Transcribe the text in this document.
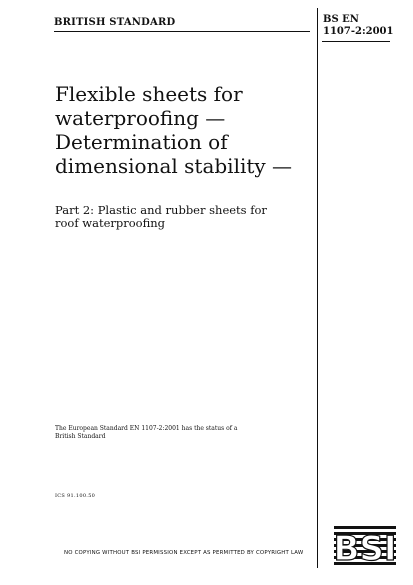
BRITISH STANDARD	BS EN
1107-2:2001
Flexible sheets for
waterproofing —
Determination of
dimensional stability —
Part 2: Plastic and rubber sheets for
roof waterproofing
The European Standard EN 1107-2:2001 has the status of a
British Standard
ICS 91.100.50
NO COPYING WITHOUT BSI PERMISSION EXCEPT AS PERMITTED BY COPYRIGHT LAW BSI
